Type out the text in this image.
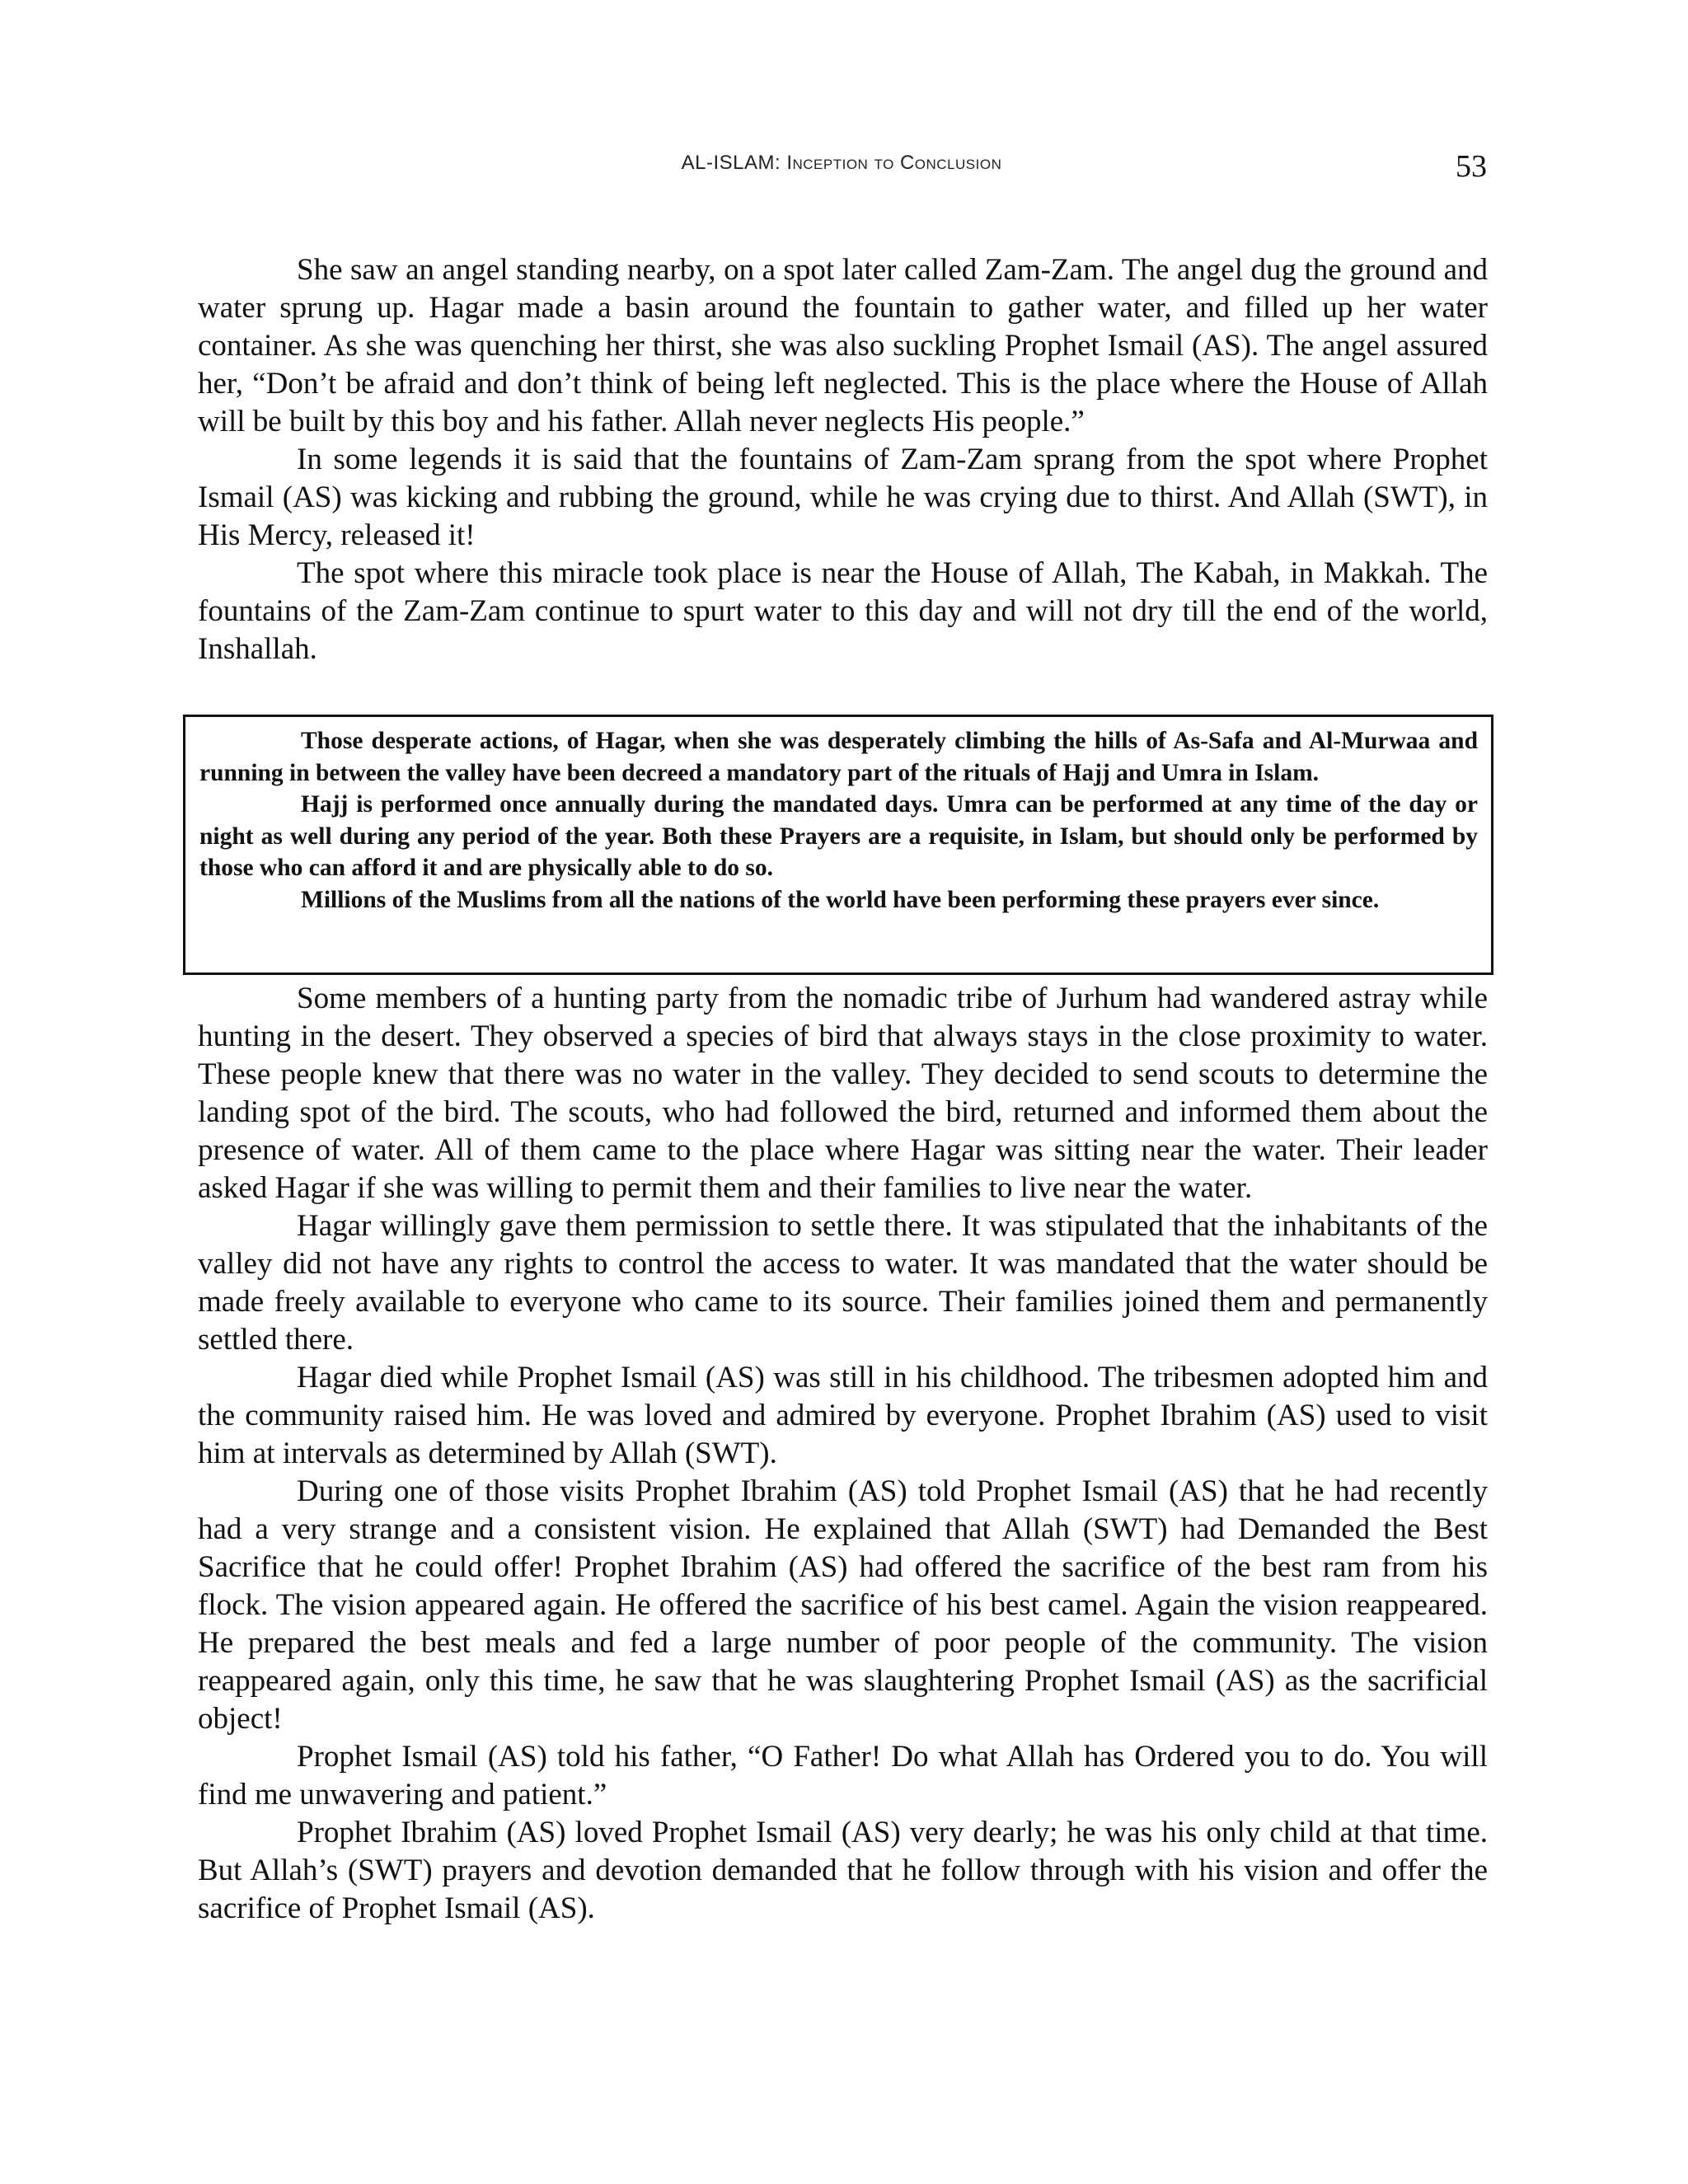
AL-ISLAM: Inception to Conclusion	53

She saw an angel standing nearby, on a spot later called Zam-Zam. The angel dug the ground and water sprung up. Hagar made a basin around the fountain to gather water, and filled up her water container. As she was quenching her thirst, she was also suckling Prophet Ismail (AS). The angel assured her, “Don’t be afraid and don’t think of being left neglected. This is the place where the House of Allah will be built by this boy and his father. Allah never neglects His people.”

In some legends it is said that the fountains of Zam-Zam sprang from the spot where Prophet Ismail (AS) was kicking and rubbing the ground, while he was crying due to thirst. And Allah (SWT), in His Mercy, released it!

The spot where this miracle took place is near the House of Allah, The Kabah, in Makkah. The fountains of the Zam-Zam continue to spurt water to this day and will not dry till the end of the world, Inshallah.

Those desperate actions, of Hagar, when she was desperately climbing the hills of As-Safa and Al-Murwaa and running in between the valley have been decreed a mandatory part of the rituals of Hajj and Umra in Islam.

Hajj is performed once annually during the mandated days. Umra can be performed at any time of the day or night as well during any period of the year. Both these Prayers are a requisite, in Islam, but should only be performed by those who can afford it and are physically able to do so.

Millions of the Muslims from all the nations of the world have been performing these prayers ever since.

Some members of a hunting party from the nomadic tribe of Jurhum had wandered astray while hunting in the desert. They observed a species of bird that always stays in the close proximity to water. These people knew that there was no water in the valley. They decided to send scouts to determine the landing spot of the bird. The scouts, who had followed the bird, returned and informed them about the presence of water. All of them came to the place where Hagar was sitting near the water. Their leader asked Hagar if she was willing to permit them and their families to live near the water.

Hagar willingly gave them permission to settle there. It was stipulated that the inhabitants of the valley did not have any rights to control the access to water. It was mandated that the water should be made freely available to everyone who came to its source. Their families joined them and permanently settled there.

Hagar died while Prophet Ismail (AS) was still in his childhood. The tribesmen adopted him and the community raised him. He was loved and admired by everyone. Prophet Ibrahim (AS) used to visit him at intervals as determined by Allah (SWT).

During one of those visits Prophet Ibrahim (AS) told Prophet Ismail (AS) that he had recently had a very strange and a consistent vision. He explained that Allah (SWT) had Demanded the Best Sacrifice that he could offer! Prophet Ibrahim (AS) had offered the sacrifice of the best ram from his flock. The vision appeared again. He offered the sacrifice of his best camel. Again the vision reappeared. He prepared the best meals and fed a large number of poor people of the community. The vision reappeared again, only this time, he saw that he was slaughtering Prophet Ismail (AS) as the sacrificial object!

Prophet Ismail (AS) told his father, “O Father! Do what Allah has Ordered you to do. You will find me unwavering and patient.”

Prophet Ibrahim (AS) loved Prophet Ismail (AS) very dearly; he was his only child at that time. But Allah’s (SWT) prayers and devotion demanded that he follow through with his vision and offer the sacrifice of Prophet Ismail (AS).
